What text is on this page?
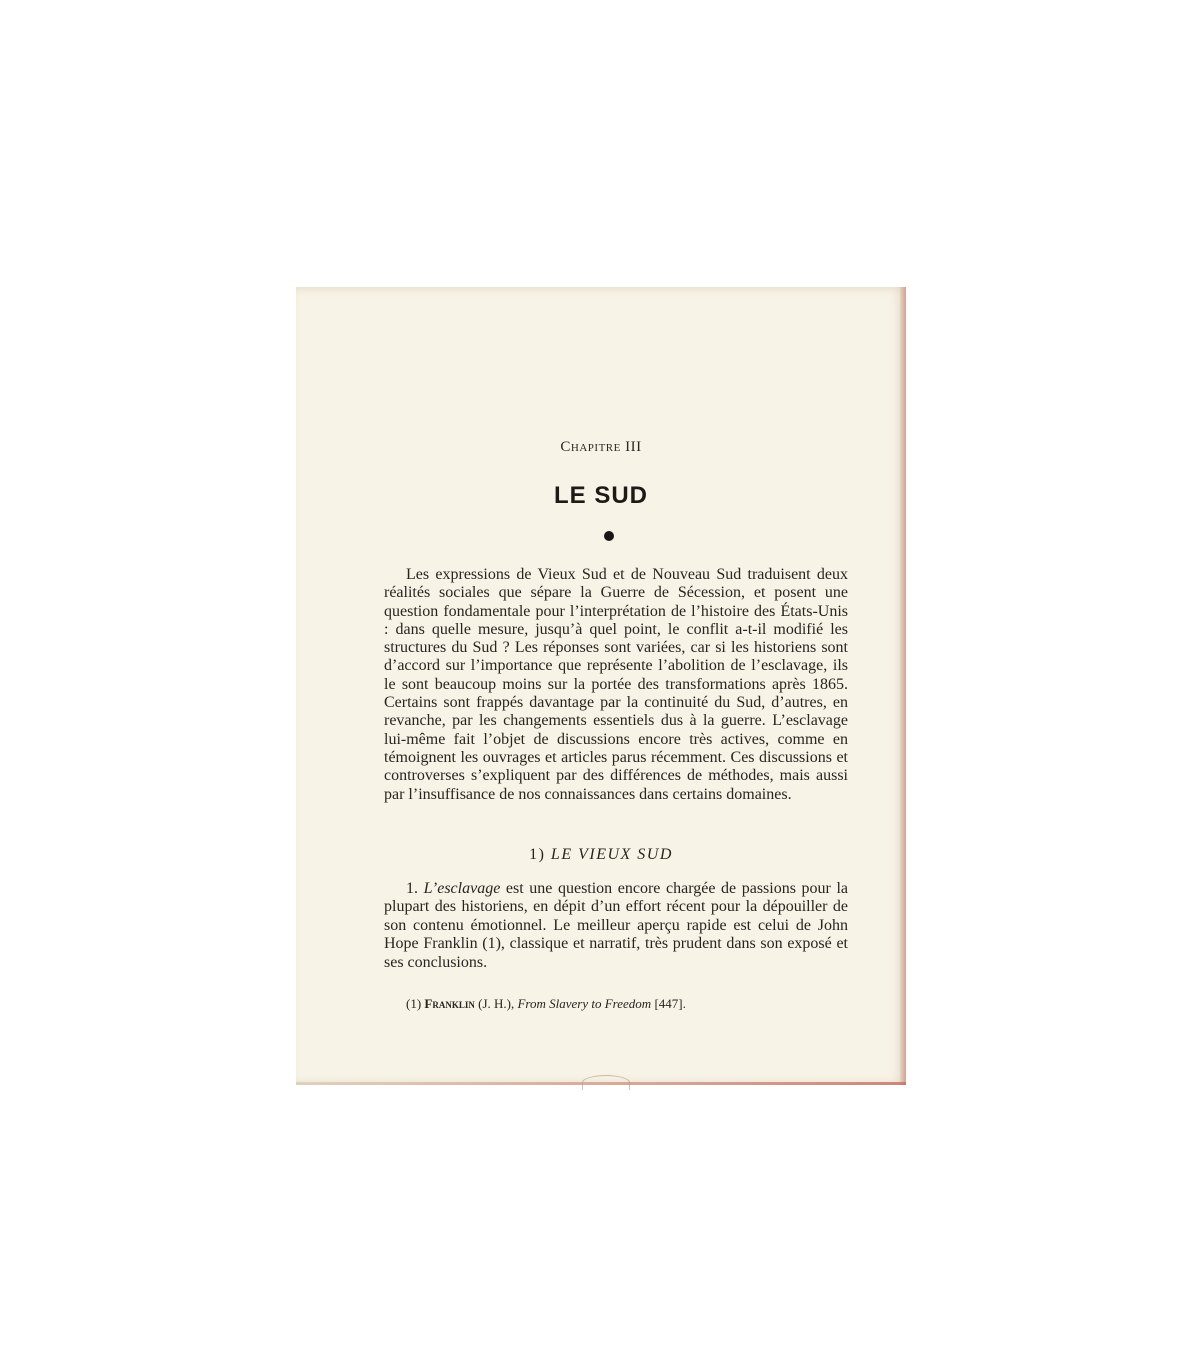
Chapitre III
LE SUD

Les expressions de Vieux Sud et de Nouveau Sud traduisent deux réalités sociales que sépare la Guerre de Sécession, et posent une question fondamentale pour l’interprétation de l’histoire des États-Unis : dans quelle mesure, jusqu’à quel point, le conflit a-t-il modifié les structures du Sud ? Les réponses sont variées, car si les historiens sont d’accord sur l’importance que représente l’abolition de l’esclavage, ils le sont beaucoup moins sur la portée des transformations après 1865. Certains sont frappés davantage par la continuité du Sud, d’autres, en revanche, par les changements essentiels dus à la guerre. L’esclavage lui-même fait l’objet de discussions encore très actives, comme en témoignent les ouvrages et articles parus récemment. Ces discussions et controverses s’expliquent par des différences de méthodes, mais aussi par l’insuffisance de nos connaissances dans certains domaines.

1) LE VIEUX SUD

1. L’esclavage est une question encore chargée de passions pour la plupart des historiens, en dépit d’un effort récent pour la dépouiller de son contenu émotionnel. Le meilleur aperçu rapide est celui de John Hope Franklin (1), classique et narratif, très prudent dans son exposé et ses conclusions.

(1) Franklin (J. H.), From Slavery to Freedom [447].
